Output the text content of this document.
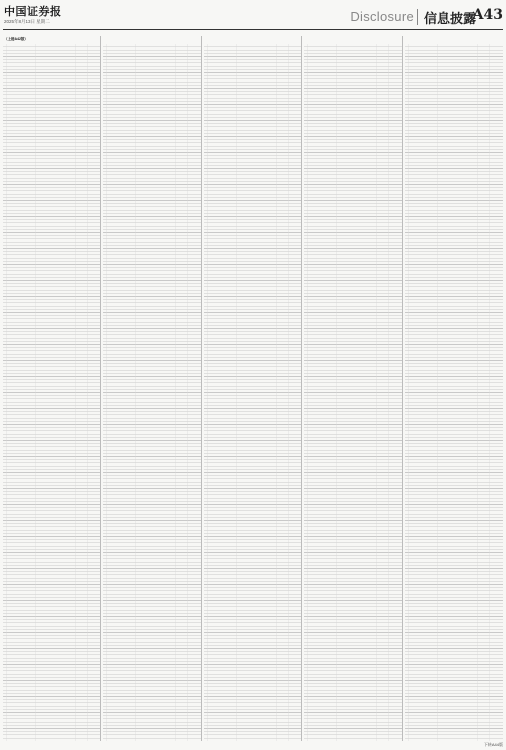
中国证券报
2025年8月13日 星期二	Disclosure 信息披露
A43
（上接A42版）
下转A44版
